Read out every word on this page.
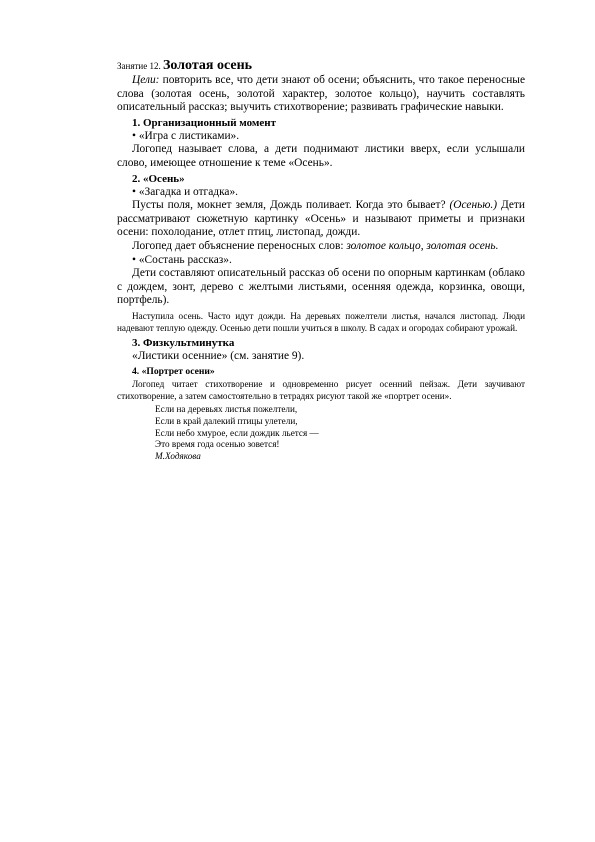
Занятие 12. Золотая осень

Цели: повторить все, что дети знают об осени; объяснить, что такое переносные слова (золотая осень, золотой характер, золотое кольцо), научить составлять описательный рассказ; выучить стихотворение; развивать графические навыки.

1. Организационный момент

• «Игра с листиками».

Логопед называет слова, а дети поднимают листики вверх, если услышали слово, имеющее отношение к теме «Осень».

2. «Осень»

• «Загадка и отгадка».

Пусты поля, мокнет земля, Дождь поливает. Когда это бывает? (Осенью.) Дети рассматривают сюжетную картинку «Осень» и называют приметы и признаки осени: похолодание, отлет птиц, листопад, дожди.

Логопед дает объяснение переносных слов: золотое кольцо, золотая осень.

• «Состань рассказ».

Дети составляют описательный рассказ об осени по опорным картинкам (облако с дождем, зонт, дерево с желтыми листьями, осенняя одежда, корзинка, овощи, портфель).

Наступила осень. Часто идут дожди. На деревьях пожелтели листья, начался листопад. Люди надевают теплую одежду. Осенью дети пошли учиться в школу. В садах и огородах собирают урожай.

3. Физкультминутка

«Листики осенние» (см. занятие 9).

4. «Портрет осени»

Логопед читает стихотворение и одновременно рисует осенний пейзаж. Дети заучивают стихотворение, а затем самостоятельно в тетрадях рисуют такой же «портрет осени».

Если на деревьях листья пожелтели,

Если в край далекий птицы улетели,

Если небо хмурое, если дождик льется —

Это время года осенью зовется!

М.Ходякова
